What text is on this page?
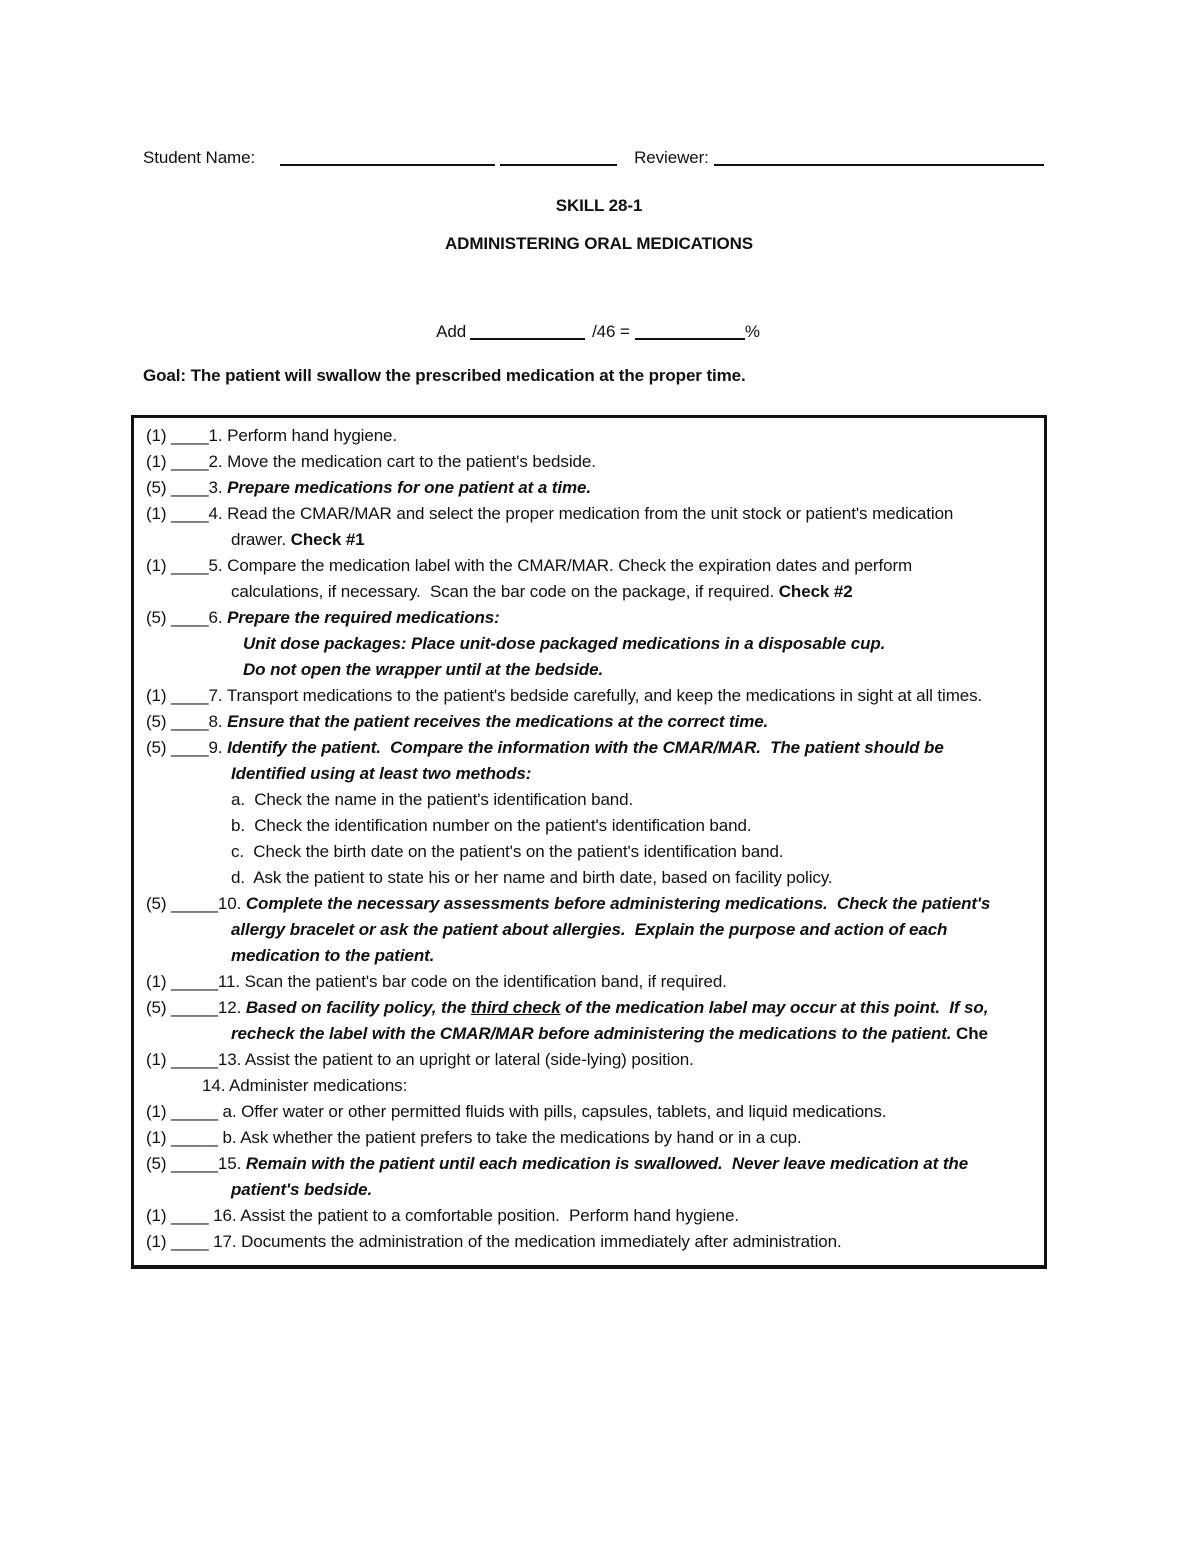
Student Name:	Reviewer:
SKILL 28-1
ADMINISTERING ORAL MEDICATIONS
Add	/46 =	%
Goal: The patient will swallow the prescribed medication at the proper time.
(1) ____1. Perform hand hygiene.
(1) ____2. Move the medication cart to the patient's bedside.
(5) ____3. Prepare medications for one patient at a time.
(1) ____4. Read the CMAR/MAR and select the proper medication from the unit stock or patient's medication
drawer. Check #1
(1) ____5. Compare the medication label with the CMAR/MAR. Check the expiration dates and perform
calculations, if necessary.  Scan the bar code on the package, if required. Check #2
(5) ____6. Prepare the required medications:
Unit dose packages: Place unit-dose packaged medications in a disposable cup.
Do not open the wrapper until at the bedside.
(1) ____7. Transport medications to the patient's bedside carefully, and keep the medications in sight at all times.
(5) ____8. Ensure that the patient receives the medications at the correct time.
(5) ____9. Identify the patient.  Compare the information with the CMAR/MAR.  The patient should be
Identified using at least two methods:
a.  Check the name in the patient's identification band.
b.  Check the identification number on the patient's identification band.
c.  Check the birth date on the patient's on the patient's identification band.
d.  Ask the patient to state his or her name and birth date, based on facility policy.
(5) _____10. Complete the necessary assessments before administering medications.  Check the patient's
allergy bracelet or ask the patient about allergies.  Explain the purpose and action of each
medication to the patient.
(1) _____11. Scan the patient's bar code on the identification band, if required.
(5) _____12. Based on facility policy, the third check of the medication label may occur at this point.  If so,
recheck the label with the CMAR/MAR before administering the medications to the patient. Che
(1) _____13. Assist the patient to an upright or lateral (side-lying) position.
14. Administer medications:
(1) _____ a. Offer water or other permitted fluids with pills, capsules, tablets, and liquid medications.
(1) _____ b. Ask whether the patient prefers to take the medications by hand or in a cup.
(5) _____15. Remain with the patient until each medication is swallowed.  Never leave medication at the
patient's bedside.
(1) ____ 16. Assist the patient to a comfortable position.  Perform hand hygiene.
(1) ____ 17. Documents the administration of the medication immediately after administration.
